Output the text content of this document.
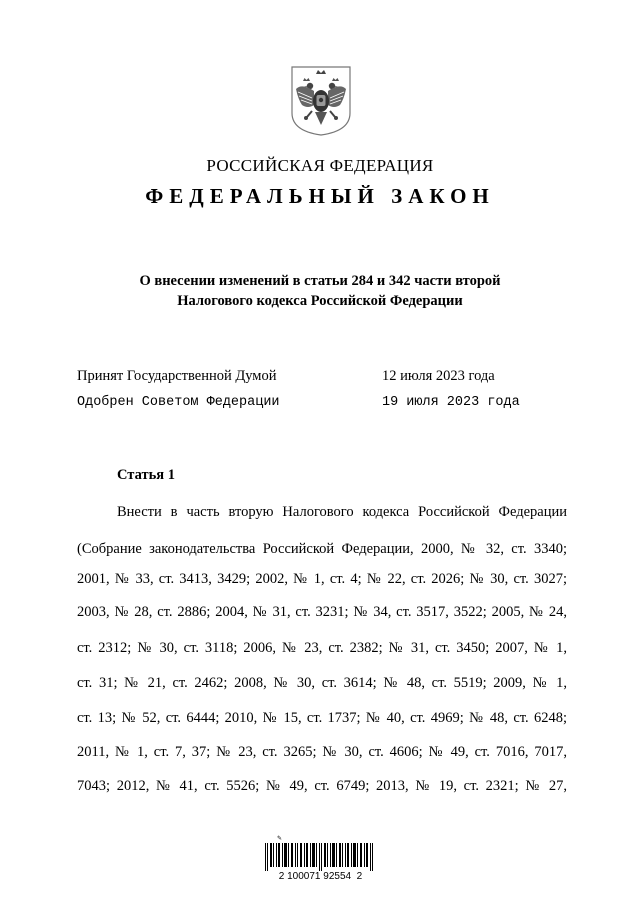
РОССИЙСКАЯ ФЕДЕРАЦИЯ
ФЕДЕРАЛЬНЫЙ ЗАКОН
О внесении изменений в статьи 284 и 342 части второй
Налогового кодекса Российской Федерации
Принят Государственной Думой	12 июля 2023 года
Одобрен Советом Федерации	19 июля 2023 года
Статья 1
Внести в часть вторую Налогового кодекса Российской Федерации
(Собрание законодательства Российской Федерации, 2000, № 32, ст. 3340;
2001, № 33, ст. 3413, 3429; 2002, № 1, ст. 4; № 22, ст. 2026; № 30, ст. 3027;
2003, № 28, ст. 2886; 2004, № 31, ст. 3231; № 34, ст. 3517, 3522; 2005, № 24,
ст. 2312; № 30, ст. 3118; 2006, № 23, ст. 2382; № 31, ст. 3450; 2007, № 1,
ст. 31; № 21, ст. 2462; 2008, № 30, ст. 3614; № 48, ст. 5519; 2009, № 1,
ст. 13; № 52, ст. 6444; 2010, № 15, ст. 1737; № 40, ст. 4969; № 48, ст. 6248;
2011, № 1, ст. 7, 37; № 23, ст. 3265; № 30, ст. 4606; № 49, ст. 7016, 7017,
7043; 2012, № 41, ст. 5526; № 49, ст. 6749; 2013, № 19, ст. 2321; № 27,
✎
2 100071 92554  2
